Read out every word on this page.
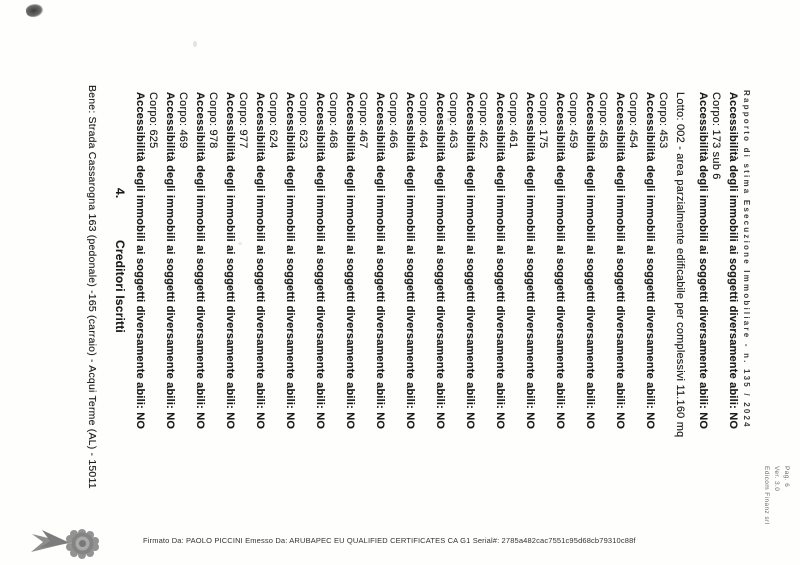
Rapporto di stima Esecuzione Immobiliare - n. 135 / 2024
Accessibilità degli immobili ai soggetti diversamente abili: NO
Corpo: 173 sub 6
Accessibilità degli immobili ai soggetti diversamente abili: NO
Lotto: 002 - area parzialmente edificabile per complessivi 11.160 mq
Corpo: 453
Accessibilità degli immobili ai soggetti diversamente abili: NO
Corpo: 454
Accessibilità degli immobili ai soggetti diversamente abili: NO
Corpo: 458
Accessibilità degli immobili ai soggetti diversamente abili: NO
Corpo: 459
Accessibilità degli immobili ai soggetti diversamente abili: NO
Corpo: 175
Accessibilità degli immobili ai soggetti diversamente abili: NO
Corpo: 461
Accessibilità degli immobili ai soggetti diversamente abili: NO
Corpo: 462
Accessibilità degli immobili ai soggetti diversamente abili: NO
Corpo: 463
Accessibilità degli immobili ai soggetti diversamente abili: NO
Corpo: 464
Accessibilità degli immobili ai soggetti diversamente abili: NO
Corpo: 466
Accessibilità degli immobili ai soggetti diversamente abili: NO
Corpo: 467
Accessibilità degli immobili ai soggetti diversamente abili: NO
Corpo: 468
Accessibilità degli immobili ai soggetti diversamente abili: NO
Corpo: 623
Accessibilità degli immobili ai soggetti diversamente abili: NO
Corpo: 624
Accessibilità degli immobili ai soggetti diversamente abili: NO
Corpo: 977
Accessibilità degli immobili ai soggetti diversamente abili: NO
Corpo: 978
Accessibilità degli immobili ai soggetti diversamente abili: NO
Corpo: 469
Accessibilità degli immobili ai soggetti diversamente abili: NO
Corpo: 625
Accessibilità degli immobili ai soggetti diversamente abili: NO
4.Creditori Iscritti
Bene: Strada Cassarogna 163 (pedonale) -165 (carraio) - Acqui Terme (AL) - 15011	Pag. 6
Ver. 3.0
Edicom Finanz srl
Firmato Da: PAOLO PICCINI Emesso Da: ARUBAPEC EU QUALIFIED CERTIFICATES CA G1 Serial#: 2785a482cac7551c95d68cb79310c88f
